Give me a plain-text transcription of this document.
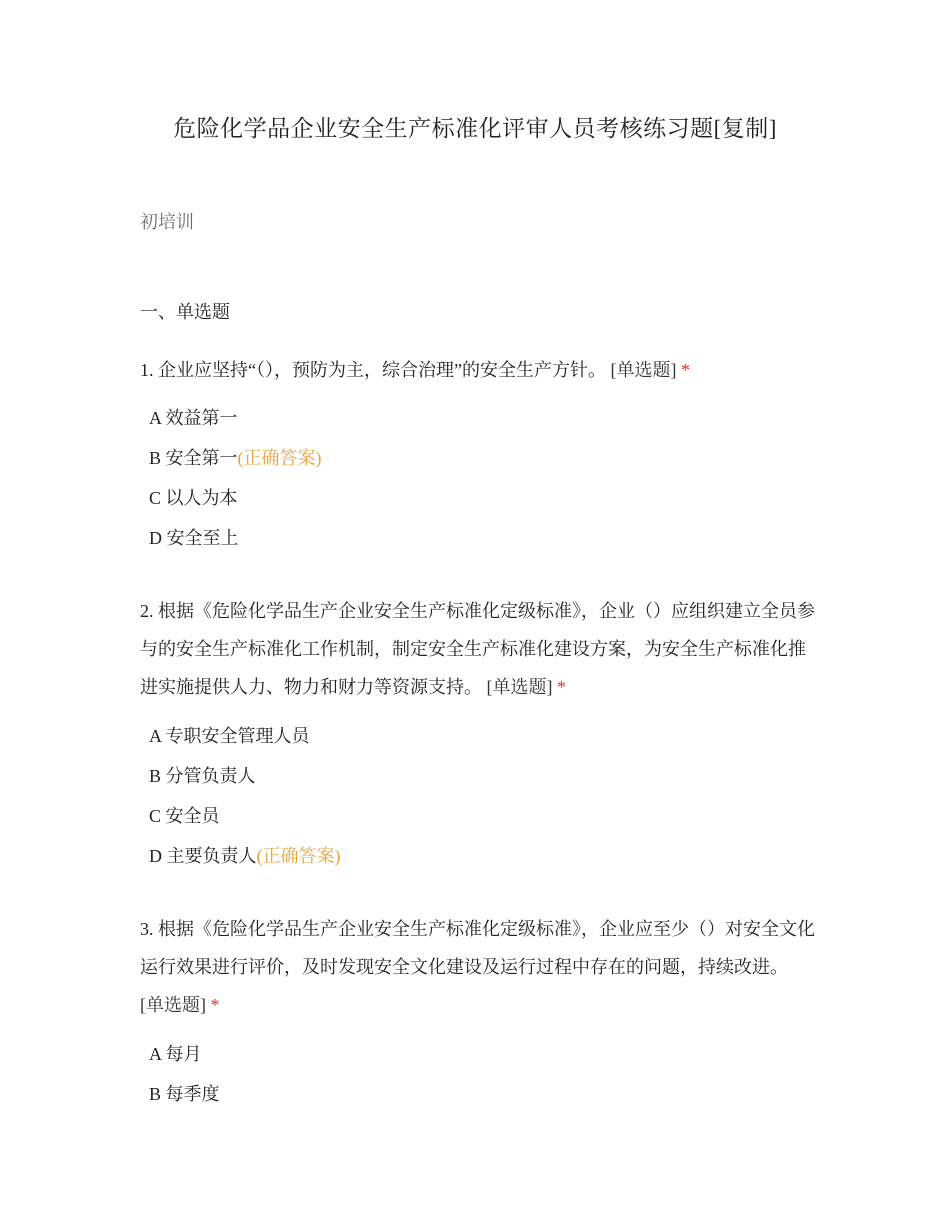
危险化学品企业安全生产标准化评审人员考核练习题[复制]
初培训
一、单选题
1. 企业应坚持“（），预防为主，综合治理”的安全生产方针。 [单选题] *
A 效益第一
B 安全第一(正确答案)
C 以人为本
D 安全至上
2. 根据《危险化学品生产企业安全生产标准化定级标准》，企业（）应组织建立全员参与的安全生产标准化工作机制，制定安全生产标准化建设方案，为安全生产标准化推进实施提供人力、物力和财力等资源支持。 [单选题] *
A 专职安全管理人员
B 分管负责人
C 安全员
D 主要负责人(正确答案)
3. 根据《危险化学品生产企业安全生产标准化定级标准》，企业应至少（）对安全文化运行效果进行评价，及时发现安全文化建设及运行过程中存在的问题，持续改进。 [单选题] *
A 每月
B 每季度
